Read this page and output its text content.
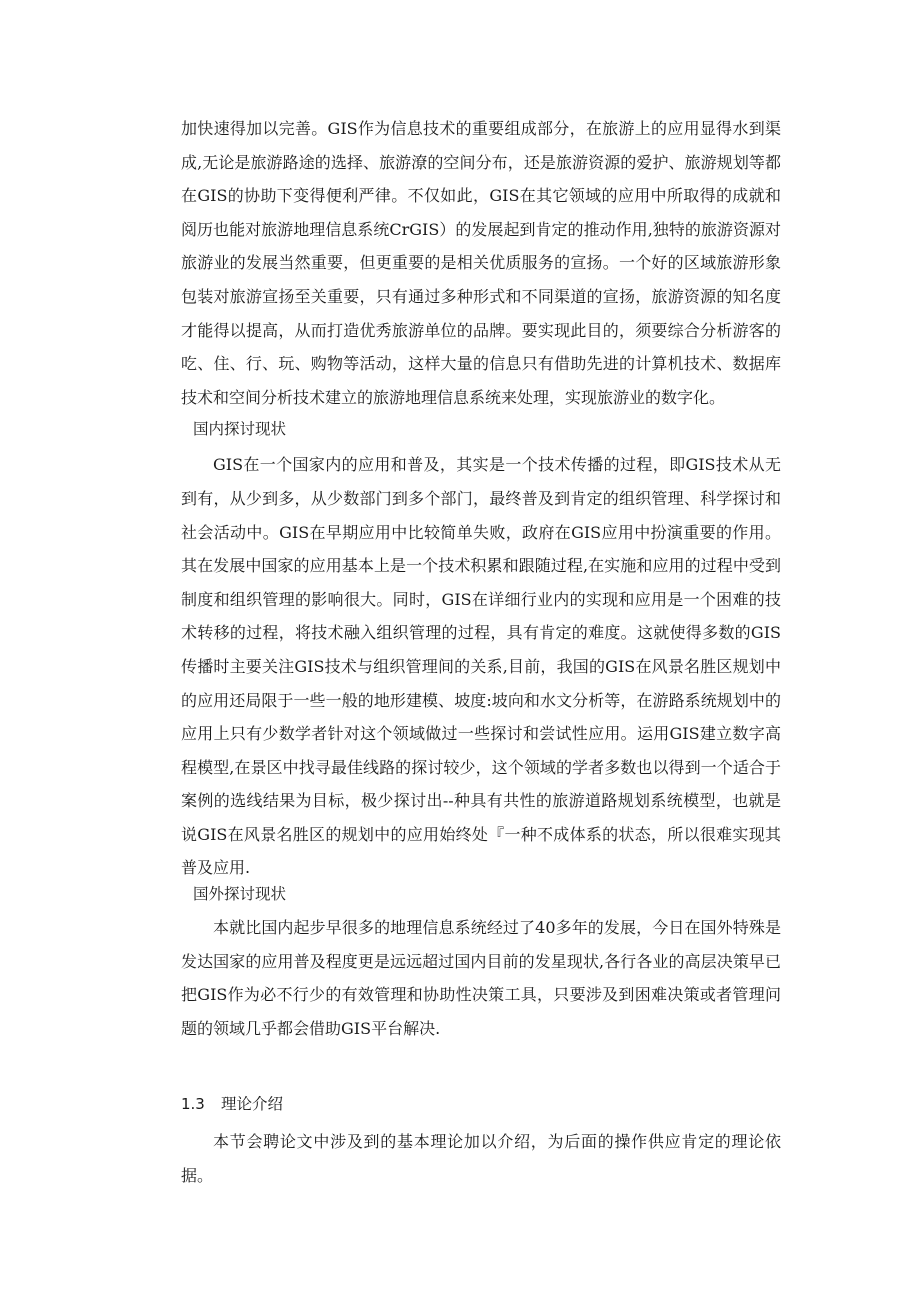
加快速得加以完善。GIS作为信息技术的重要组成部分，在旅游上的应用显得水到渠成,无论是旅游路途的选择、旅游潦的空间分布，还是旅游资源的爱护、旅游规划等都在GIS的协助下变得便利严律。不仅如此，GIS在其它领域的应用中所取得的成就和阅历也能对旅游地理信息系统CrGIS）的发展起到肯定的推动作用,独特的旅游资源对旅游业的发展当然重要，但更重要的是相关优质服务的宣扬。一个好的区域旅游形象包装对旅游宣扬至关重要，只有通过多种形式和不同渠道的宣扬，旅游资源的知名度才能得以提高，从而打造优秀旅游单位的品牌。要实现此目的，须要综合分析游客的吃、住、行、玩、购物等活动，这样大量的信息只有借助先进的计算机技术、数据库技术和空间分析技术建立的旅游地理信息系统来处理，实现旅游业的数字化。

国内探讨现状

GIS在一个国家内的应用和普及，其实是一个技术传播的过程，即GIS技术从无到有，从少到多，从少数部门到多个部门，最终普及到肯定的组织管理、科学探讨和社会活动中。GIS在早期应用中比较简单失败，政府在GIS应用中扮演重要的作用。其在发展中国家的应用基本上是一个技术积累和跟随过程,在实施和应用的过程中受到制度和组织管理的影响很大。同时，GIS在详细行业内的实现和应用是一个困难的技术转移的过程，将技术融入组织管理的过程，具有肯定的难度。这就使得多数的GIS传播时主要关注GIS技术与组织管理间的关系,目前，我国的GIS在风景名胜区规划中的应用还局限于一些一般的地形建模、坡度:坡向和水文分析等，在游路系统规划中的应用上只有少数学者针对这个领域做过一些探讨和尝试性应用。运用GIS建立数字高程模型,在景区中找寻最佳线路的探讨较少，这个领域的学者多数也以得到一个适合于案例的选线结果为目标，极少探讨出--种具有共性的旅游道路规划系统模型，也就是说GIS在风景名胜区的规划中的应用始终处『一种不成体系的状态，所以很难实现其普及应用.

国外探讨现状

本就比国内起步早很多的地理信息系统经过了40多年的发展，今日在国外特殊是发达国家的应用普及程度更是远远超过国内目前的发星现状,各行各业的高层决策早已把GIS作为必不行少的有效管理和协助性决策工具，只要涉及到困难决策或者管理问题的领域几乎都会借助GIS平台解决.

1.3 理论介绍

本节会聘论文中涉及到的基本理论加以介绍，为后面的操作供应肯定的理论依据。
